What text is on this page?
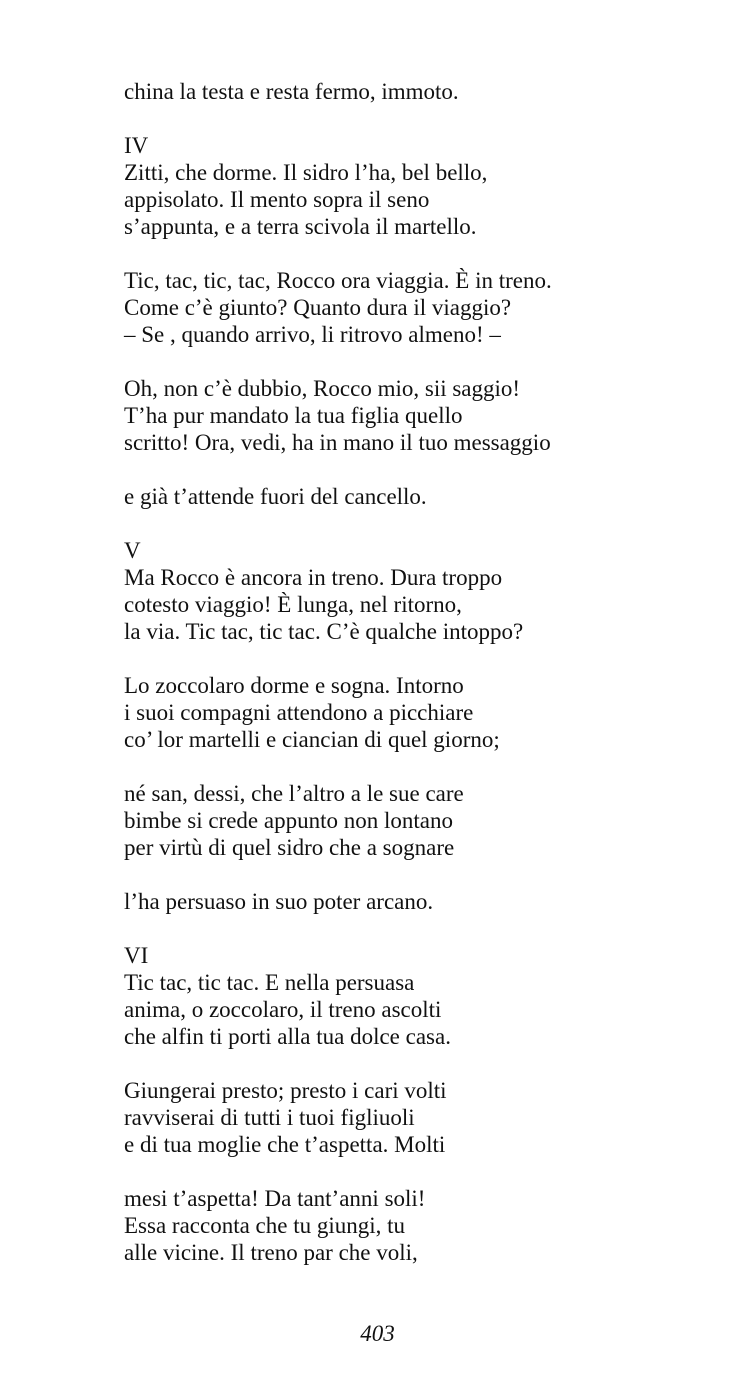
china la testa e resta fermo, immoto.
IV
Zitti, che dorme. Il sidro l’ha, bel bello,
appisolato. Il mento sopra il seno
s’appunta, e a terra scivola il martello.
Tic, tac, tic, tac, Rocco ora viaggia. È in treno.
Come c’è giunto? Quanto dura il viaggio?
– Se , quando arrivo, li ritrovo almeno! –
Oh, non c’è dubbio, Rocco mio, sii saggio!
T’ha pur mandato la tua figlia quello
scritto! Ora, vedi, ha in mano il tuo messaggio
e già t’attende fuori del cancello.
V
Ma Rocco è ancora in treno. Dura troppo
cotesto viaggio! È lunga, nel ritorno,
la via. Tic tac, tic tac. C’è qualche intoppo?
Lo zoccolaro dorme e sogna. Intorno
i suoi compagni attendono a picchiare
co’ lor martelli e ciancian di quel giorno;
né san, dessi, che l’altro a le sue care
bimbe si crede appunto non lontano
per virtù di quel sidro che a sognare
l’ha persuaso in suo poter arcano.
VI
Tic tac, tic tac. E nella persuasa
anima, o zoccolaro, il treno ascolti
che alfin ti porti alla tua dolce casa.
Giungerai presto; presto i cari volti
ravviserai di tutti i tuoi figliuoli
e di tua moglie che t’aspetta. Molti
mesi t’aspetta! Da tant’anni soli!
Essa racconta che tu giungi, tu
alle vicine. Il treno par che voli,
403
